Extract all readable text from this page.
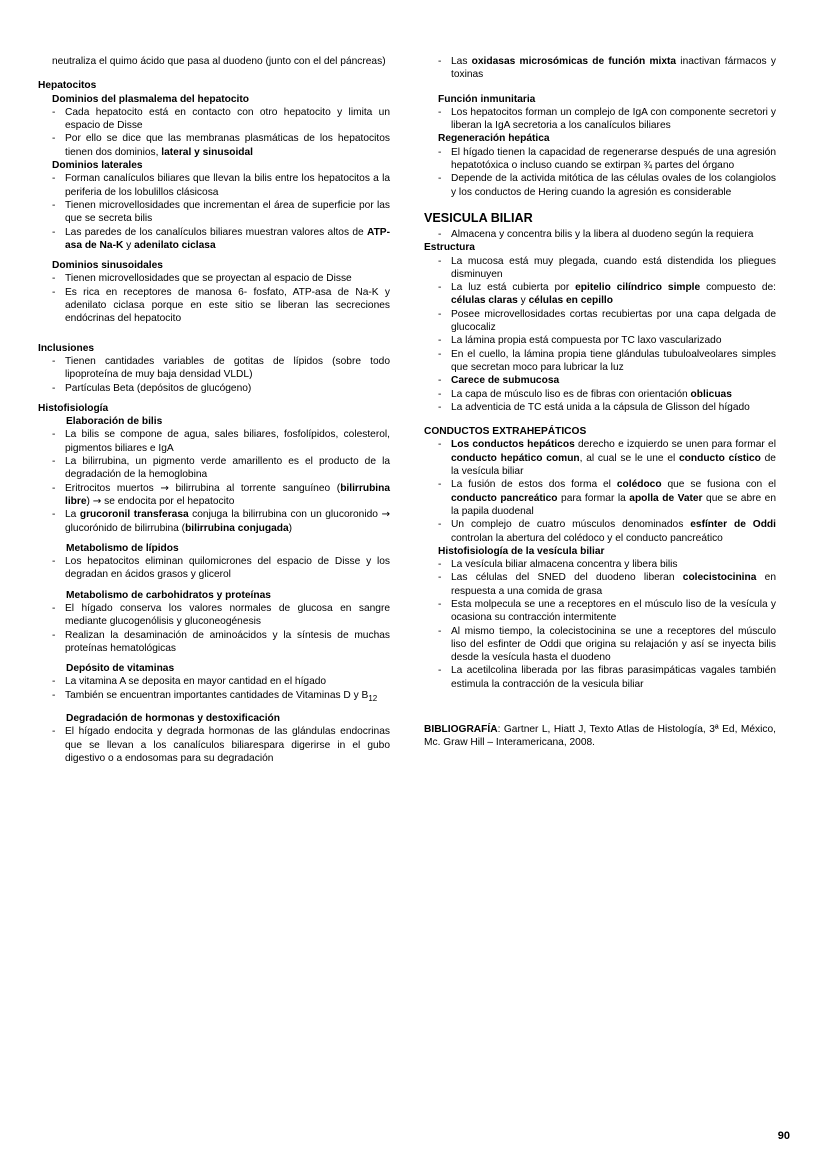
neutraliza el quimo ácido que pasa al duodeno (junto con el del páncreas)
Hepatocitos
Dominios del plasmalema del hepatocito
- Cada hepatocito está en contacto con otro hepatocito y limita un espacio de Disse
- Por ello se dice que las membranas plasmáticas de los hepatocitos tienen dos dominios, lateral y sinusoidal
Dominios laterales
- Forman canalículos biliares que llevan la bilis entre los hepatocitos a la periferia de los lobulillos clásicosa
- Tienen microvellosidades que incrementan el área de superficie por las que se secreta bilis
- Las paredes de los canalículos biliares muestran valores altos de ATP-asa de Na-K y adenilato ciclasa
Dominios sinusoidales
- Tienen microvellosidades que se proyectan al espacio de Disse
- Es rica en receptores de manosa 6- fosfato, ATP-asa de Na-K y adenilato ciclasa porque en este sitio se liberan las secreciones endócrinas del hepatocito
Inclusiones
- Tienen cantidades variables de gotitas de lípidos (sobre todo lipoproteína de muy baja densidad VLDL)
- Partículas Beta (depósitos de glucógeno)
Histofisiología
Elaboración de bilis
- La bilis se compone de agua, sales biliares, fosfolípidos, colesterol, pigmentos biliares e IgA
- La bilirrubina, un pigmento verde amarillento es el producto de la degradación de la hemoglobina
- Eritrocitos muertos → bilirrubina al torrente sanguíneo (bilirrubina libre) → se endocita por el hepatocito
- La grucoronil transferasa conjuga la bilirrubina con un glucoronido → glucorónido de bilirrubina (bilirrubina conjugada)
Metabolismo de lípidos
- Los hepatocitos eliminan quilomicrones del espacio de Disse y los degradan en ácidos grasos y glicerol
Metabolismo de carbohidratos y proteínas
- El hígado conserva los valores normales de glucosa en sangre mediante glucogenólisis y gluconeogénesis
- Realizan la desaminación de aminoácidos y la síntesis de muchas proteínas hematológicas
Depósito de vitaminas
- La vitamina A se deposita en mayor cantidad en el hígado
- También se encuentran importantes cantidades de Vitaminas D y $B_{12}$
Degradación de hormonas y destoxificación
- El hígado endocita y degrada hormonas de las glándulas endocrinas que se llevan a los canalículos biliarespara digerirse in el gubo digestivo o a endosomas para su degradación
- Las oxidasas microsómicas de función mixta inactivan fármacos y toxinas
Función inmunitaria
- Los hepatocitos forman un complejo de IgA con componente secretori y liberan la IgA secretoria a los canalículos biliares
Regeneración hepática
- El hígado tienen la capacidad de regenerarse después de una agresión hepatotóxica o incluso cuando se extirpan ¾ partes del órgano
- Depende de la activida mitótica de las células ovales de los colangiolos y los conductos de Hering cuando la agresión es considerable
VESICULA BILIAR
- Almacena y concentra bilis y la libera al duodeno según la requiera
Estructura
- La mucosa está muy plegada, cuando está distendida los pliegues disminuyen
- La luz está cubierta por epitelio cilíndrico simple compuesto de: células claras y células en cepillo
- Posee microvellosidades cortas recubiertas por una capa delgada de glucocaliz
- La lámina propia está compuesta por TC laxo vascularizado
- En el cuello, la lámina propia tiene glándulas tubuloalveolares simples que secretan moco para lubricar la luz
- Carece de submucosa
- La capa de músculo liso es de fibras con orientación oblicuas
- La adventicia de TC está unida a la cápsula de Glisson del hígado
CONDUCTOS EXTRAHEPÁTICOS
- Los conductos hepáticos derecho e izquierdo se unen para formar el conducto hepático comun, al cual se le une el conducto cístico de la vesícula biliar
- La fusión de estos dos forma el colédoco que se fusiona con el conducto pancreático para formar la apolla de Vater que se abre en la papila duodenal
- Un complejo de cuatro músculos denominados esfínter de Oddi controlan la abertura del colédoco y el conducto pancreático
Histofisiología de la vesícula biliar
- La vesícula biliar almacena concentra y libera bilis
- Las células del SNED del duodeno liberan colecistocinina en respuesta a una comida de grasa
- Esta molpecula se une a receptores en el músculo liso de la vesícula y ocasiona su contracción intermitente
- Al mismo tiempo, la colecistocinina se une a receptores del músculo liso del esfinter de Oddi que origina su relajación y así se inyecta bilis desde la vesícula hasta el duodeno
- La acetilcolina liberada por las fibras parasimpáticas vagales también estimula la contracción de la vesicula biliar
BIBLIOGRAFÍA: Gartner L, Hiatt J, Texto Atlas de Histología, 3ª Ed, México, Mc. Graw Hill – Interamericana, 2008.
90
